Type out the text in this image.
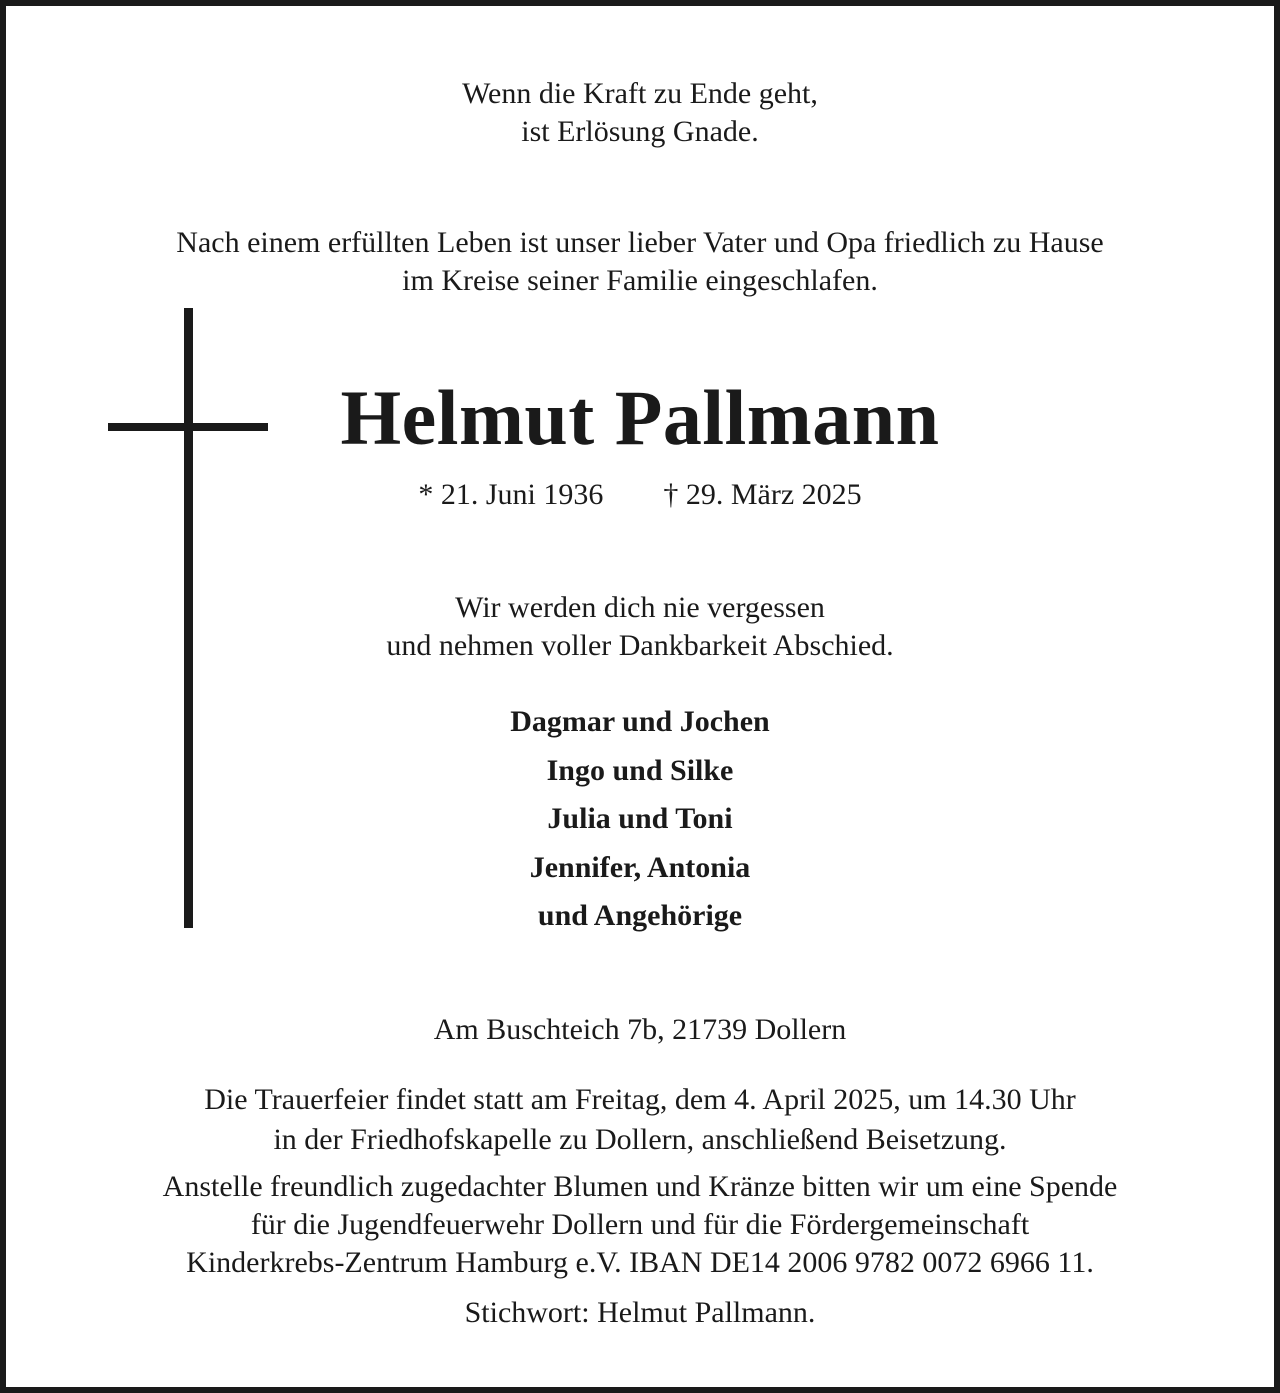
Wenn die Kraft zu Ende geht,
ist Erlösung Gnade.
Nach einem erfüllten Leben ist unser lieber Vater und Opa friedlich zu Hause
im Kreise seiner Familie eingeschlafen.
Helmut Pallmann
* 21. Juni 1936 † 29. März 2025
Wir werden dich nie vergessen
und nehmen voller Dankbarkeit Abschied.
Dagmar und Jochen
Ingo und Silke
Julia und Toni
Jennifer, Antonia
und Angehörige
Am Buschteich 7b, 21739 Dollern
Die Trauerfeier findet statt am Freitag, dem 4. April 2025, um 14.30 Uhr
in der Friedhofskapelle zu Dollern, anschließend Beisetzung.
Anstelle freundlich zugedachter Blumen und Kränze bitten wir um eine Spende
für die Jugendfeuerwehr Dollern und für die Fördergemeinschaft
Kinderkrebs-Zentrum Hamburg e.V. IBAN DE14 2006 9782 0072 6966 11.
Stichwort: Helmut Pallmann.
